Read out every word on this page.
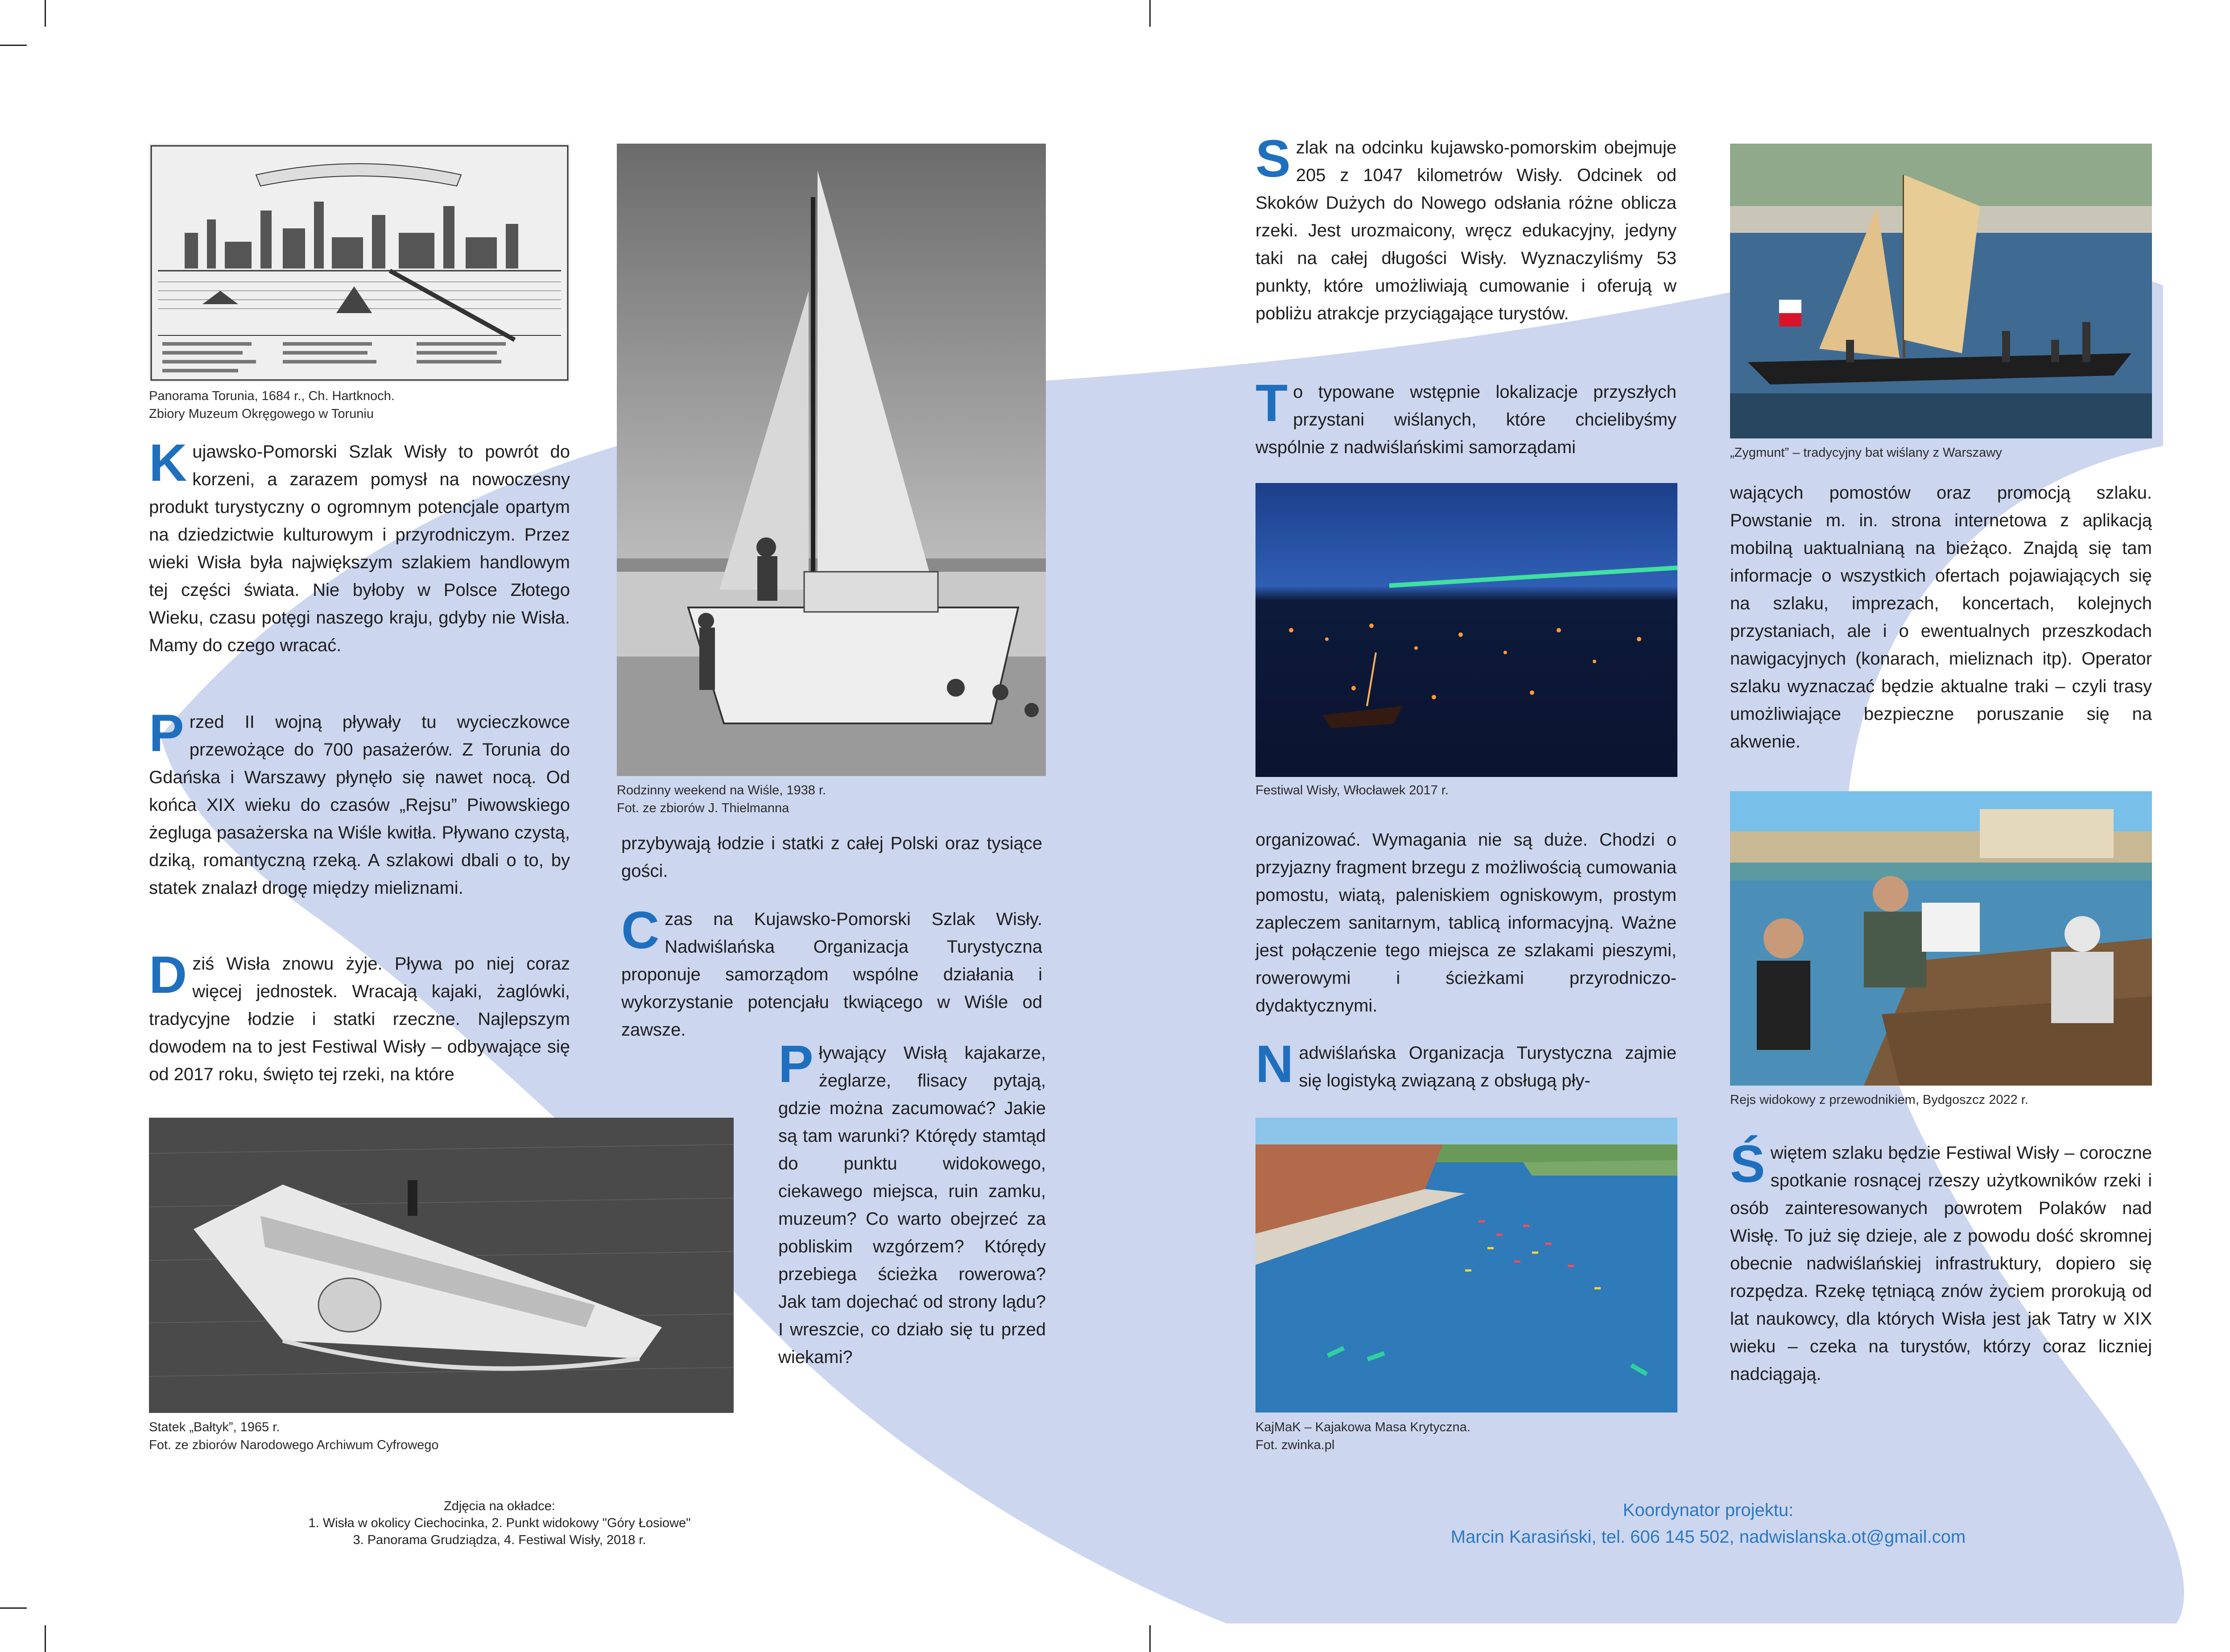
Panorama Torunia, 1684 r., Ch. Hartknoch.
Zbiory Muzeum Okręgowego w Toruniu
Rodzinny weekend na Wiśle, 1938 r.
Fot. ze zbiorów J. Thielmanna
Statek „Bałtyk”, 1965 r.
Fot. ze zbiorów Narodowego Archiwum Cyfrowego
Festiwal Wisły, Włocławek 2017 r.
KajMaK – Kajakowa Masa Krytyczna.
Fot. zwinka.pl
„Zygmunt” – tradycyjny bat wiślany z Warszawy
Rejs widokowy z przewodnikiem, Bydgoszcz 2022 r.
Kujawsko-Pomorski Szlak Wisły to powrót do korzeni, a zarazem pomysł na nowoczesny produkt turystyczny o ogromnym potencjale opartym na dziedzictwie kulturowym i przyrodniczym. Przez wieki Wisła była największym szlakiem handlowym tej części świata. Nie byłoby w Polsce Złotego Wieku, czasu potęgi naszego kraju, gdyby nie Wisła. Mamy do czego wracać.
Przed II wojną pływały tu wycieczkowce przewożące do 700 pasażerów. Z Torunia do Gdańska i Warszawy płynęło się nawet nocą. Od końca XIX wieku do czasów „Rejsu” Piwowskiego żegluga pasażerska na Wiśle kwitła. Pływano czystą, dziką, romantyczną rzeką. A szlakowi dbali o to, by statek znalazł drogę między mieliznami.
Dziś Wisła znowu żyje. Pływa po niej coraz więcej jednostek. Wracają kajaki, żaglówki, tradycyjne łodzie i statki rzeczne. Najlepszym dowodem na to jest Festiwal Wisły – odbywające się od 2017 roku, święto tej rzeki, na które
przybywają łodzie i statki z całej Polski oraz tysiące gości.
Czas na Kujawsko-Pomorski Szlak Wisły. Nadwiślańska Organizacja Turystyczna proponuje samorządom wspólne działania i wykorzystanie potencjału tkwiącego w Wiśle od zawsze.
Pływający Wisłą kajakarze, żeglarze, flisacy pytają, gdzie można zacumować? Jakie są tam warunki? Którędy stamtąd do punktu widokowego, ciekawego miejsca, ruin zamku, muzeum? Co warto obejrzeć za pobliskim wzgórzem? Którędy przebiega ścieżka rowerowa? Jak tam dojechać od strony lądu? I wreszcie, co działo się tu przed wiekami?
Szlak na odcinku kujawsko-pomorskim obejmuje 205 z 1047 kilometrów Wisły. Odcinek od Skoków Dużych do Nowego odsłania różne oblicza rzeki. Jest urozmaicony, wręcz edukacyjny, jedyny taki na całej długości Wisły. Wyznaczyliśmy 53 punkty, które umożliwiają cumowanie i oferują w pobliżu atrakcje przyciągające turystów.
To typowane wstępnie lokalizacje przyszłych przystani wiślanych, które chcielibyśmy wspólnie z nadwiślańskimi samorządami
organizować. Wymagania nie są duże. Chodzi o przyjazny fragment brzegu z możliwością cumowania pomostu, wiatą, paleniskiem ogniskowym, prostym zapleczem sanitarnym, tablicą informacyjną. Ważne jest połączenie tego miejsca ze szlakami pieszymi, rowerowymi i ścieżkami przyrodniczo-dydaktycznymi.
Nadwiślańska Organizacja Turystyczna zajmie się logistyką związaną z obsługą pły-
wających pomostów oraz promocją szlaku. Powstanie m. in. strona internetowa z aplikacją mobilną uaktualnianą na bieżąco. Znajdą się tam informacje o wszystkich ofertach pojawiających się na szlaku, imprezach, koncertach, kolejnych przystaniach, ale i o ewentualnych przeszkodach nawigacyjnych (konarach, mieliznach itp). Operator szlaku wyznaczać będzie aktualne traki – czyli trasy umożliwiające bezpieczne poruszanie się na akwenie.
Świętem szlaku będzie Festiwal Wisły – coroczne spotkanie rosnącej rzeszy użytkowników rzeki i osób zainteresowanych powrotem Polaków nad Wisłę. To już się dzieje, ale z powodu dość skromnej obecnie nadwiślańskiej infrastruktury, dopiero się rozpędza. Rzekę tętniącą znów życiem prorokują od lat naukowcy, dla których Wisła jest jak Tatry w XIX wieku – czeka na turystów, którzy coraz liczniej nadciągają.
Zdjęcia na okładce:
1. Wisła w okolicy Ciechocinka, 2. Punkt widokowy "Góry Łosiowe"
3. Panorama Grudziądza, 4. Festiwal Wisły, 2018 r.
Koordynator projektu:
Marcin Karasiński, tel. 606 145 502, nadwislanska.ot@gmail.com
